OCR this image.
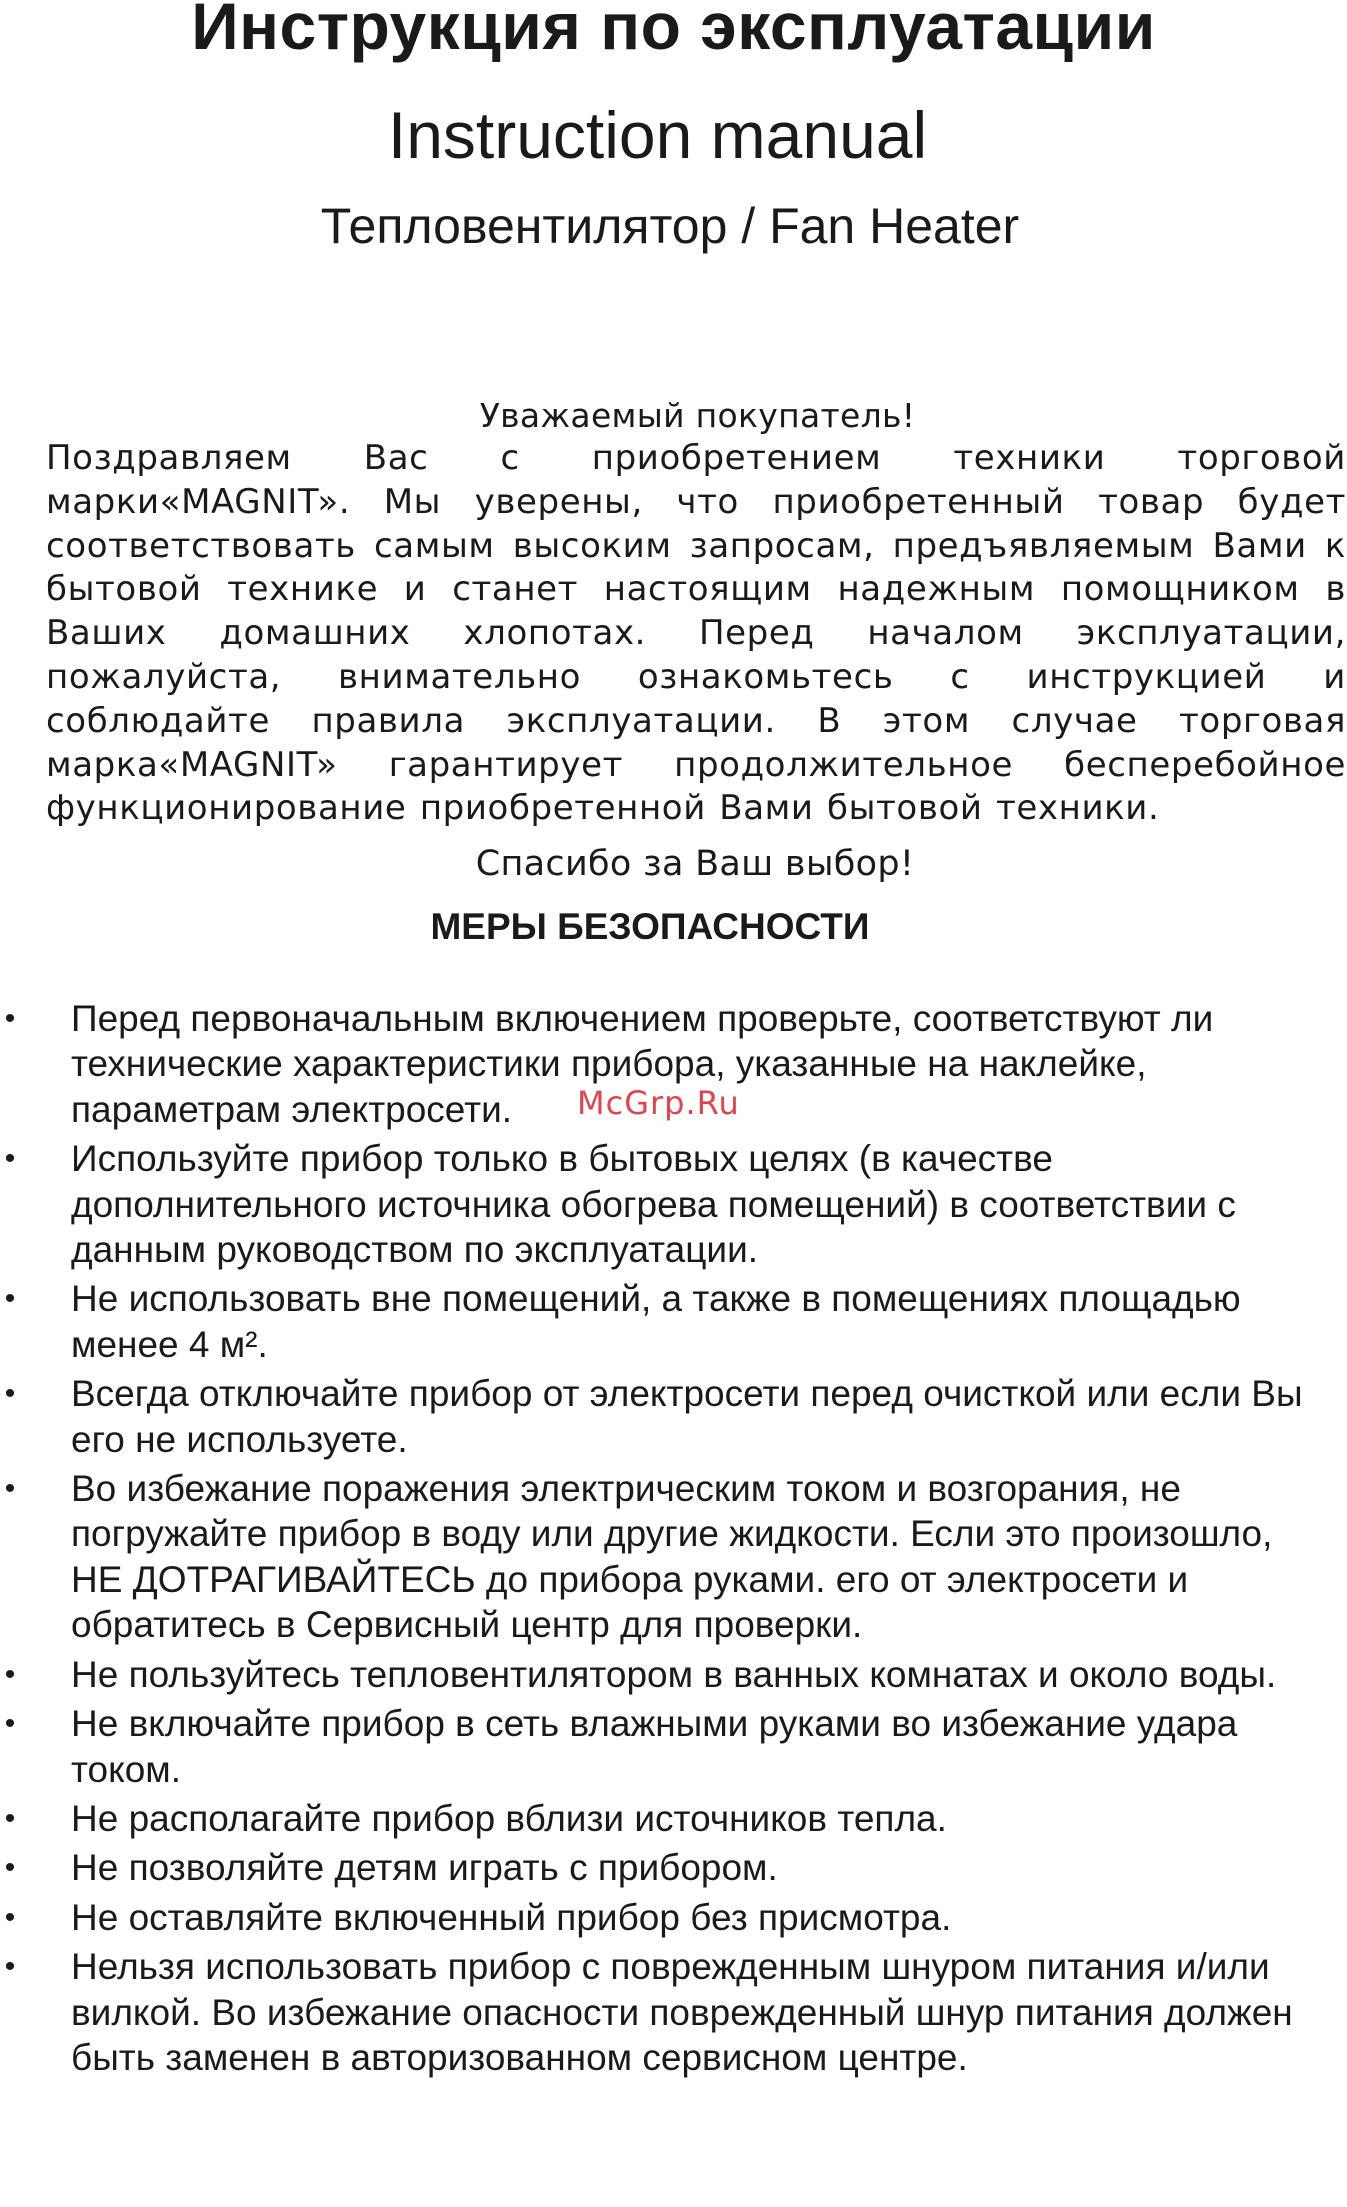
Инструкция по эксплуатации
Instruction manual
Тепловентилятор / Fan Heater
Уважаемый покупатель!
Поздравляем Вас с приобретением техники торговой марки«MAGNIT». Мы уверены, что приобретенный товар будет соответствовать самым высоким запросам, предъявляемым Вами к бытовой технике и станет настоящим надежным помощником в Ваших домашних хлопотах. Перед началом эксплуатации, пожалуйста, внимательно ознакомьтесь с инструкцией и соблюдайте правила эксплуатации. В этом случае торговая марка«MAGNIT» гарантирует продолжительное бесперебойное функционирование приобретенной Вами бытовой техники.
Спасибо за Ваш выбор!
МЕРЫ БЕЗОПАСНОСТИ
McGrp.Ru
• Перед первоначальным включением проверьте, соответствуют ли технические характеристики прибора, указанные на наклейке, параметрам электросети.
• Используйте прибор только в бытовых целях (в качестве дополнительного источника обогрева помещений) в соответствии с данным руководством по эксплуатации.
• Не использовать вне помещений, а также в помещениях площадью менее 4 м².
• Всегда отключайте прибор от электросети перед очисткой или если Вы его не используете.
• Во избежание поражения электрическим током и возгорания, не погружайте прибор в воду или другие жидкости. Если это произошло, НЕ ДОТРАГИВАЙТЕСЬ до прибора руками. его от электросети и обратитесь в Сервисный центр для проверки.
• Не пользуйтесь тепловентилятором в ванных комнатах и около воды.
• Не включайте прибор в сеть влажными руками во избежание удара током.
• Не располагайте прибор вблизи источников тепла.
• Не позволяйте детям играть с прибором.
• Не оставляйте включенный прибор без присмотра.
• Нельзя использовать прибор с поврежденным шнуром питания и/или вилкой. Во избежание опасности поврежденный шнур питания должен быть заменен в авторизованном сервисном центре.
